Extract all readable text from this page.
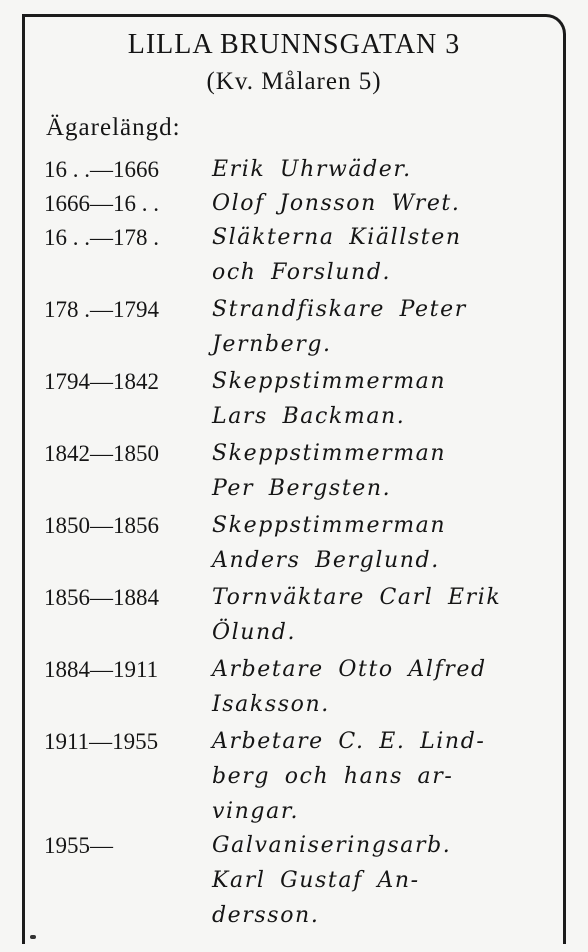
LILLA BRUNNSGATAN 3
(Kv. Målaren 5)
Ägarelängd:
16 . .—1666	Erik Uhrwäder.
1666—16 . .	Olof Jonsson Wret.
16 . .—178 .	Släkterna Kiällsten
och Forslund.
178 .—1794	Strandfiskare Peter
Jernberg.
1794—1842	Skeppstimmerman
Lars Backman.
1842—1850	Skeppstimmerman
Per Bergsten.
1850—1856	Skeppstimmerman
Anders Berglund.
1856—1884	Tornväktare Carl Erik
Ölund.
1884—1911	Arbetare Otto Alfred
Isaksson.
1911—1955	Arbetare C. E. Lind-
berg och hans ar-
vingar.
1955—	Galvaniseringsarb.
Karl Gustaf An-
dersson.
